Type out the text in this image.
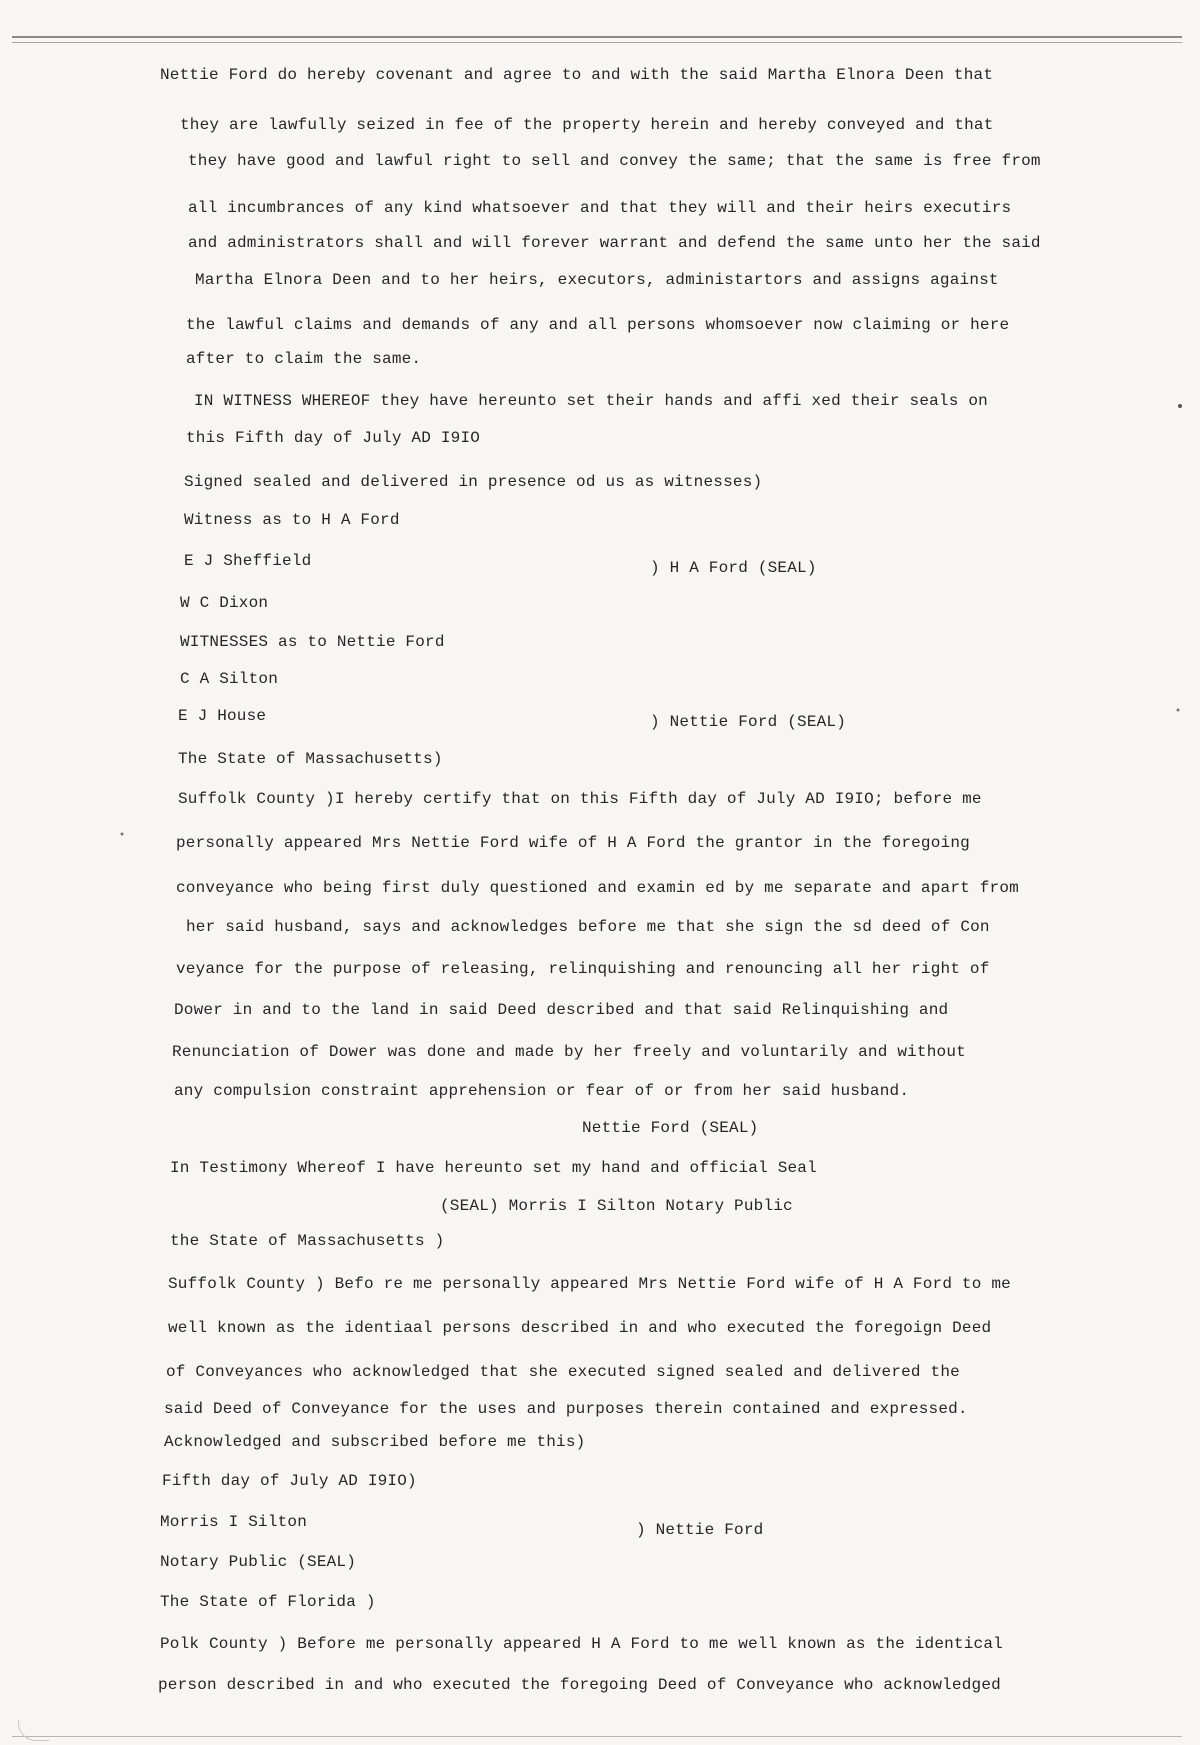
Nettie Ford do hereby covenant and agree to and with the said Martha Elnora Deen that
they are lawfully seized in fee of the property herein and hereby conveyed and that
they have good and lawful right to sell and convey the same; that the same is free from
all incumbrances of any kind whatsoever and that they will and their heirs executirs
and administrators shall and will forever warrant and defend the same unto her the said
Martha Elnora Deen and to her heirs, executors, administartors and assigns against
the lawful claims and demands of any and all persons whomsoever now claiming or here
after to claim the same.
IN WITNESS WHEREOF they have hereunto set their hands and affi xed their seals on
this Fifth day of July AD I9IO
Signed sealed and delivered in presence od us as witnesses)
Witness as to H A Ford
E J Sheffield	) H A Ford (SEAL)
W C Dixon
WITNESSES as to Nettie Ford
C A Silton
E J House	) Nettie Ford (SEAL)
The State of Massachusetts)
Suffolk County )I hereby certify that on this Fifth day of July AD I9IO; before me
personally appeared Mrs Nettie Ford wife of H A Ford the grantor in the foregoing
conveyance who being first duly questioned and examin ed by me separate and apart from
her said husband, says and acknowledges before me that she sign the sd deed of Con
veyance for the purpose of releasing, relinquishing and renouncing all her right of
Dower in and to the land in said Deed described and that said Relinquishing and
Renunciation of Dower was done and made by her freely and voluntarily and without
any compulsion constraint apprehension or fear of or from her said husband.
Nettie Ford (SEAL)
In Testimony Whereof I have hereunto set my hand and official Seal
(SEAL) Morris I Silton Notary Public
the State of Massachusetts )
Suffolk County ) Befo re me personally appeared Mrs Nettie Ford wife of H A Ford to me
well known as the identiaal persons described in and who executed the foregoign Deed
of Conveyances who acknowledged that she executed signed sealed and delivered the
said Deed of Conveyance for the uses and purposes therein contained and expressed.
Acknowledged and subscribed before me this)
Fifth day of July AD I9IO)
Morris I Silton	) Nettie Ford
Notary Public (SEAL)
The State of Florida )
Polk County ) Before me personally appeared H A Ford to me well known as the identical
person described in and who executed the foregoing Deed of Conveyance who acknowledged
